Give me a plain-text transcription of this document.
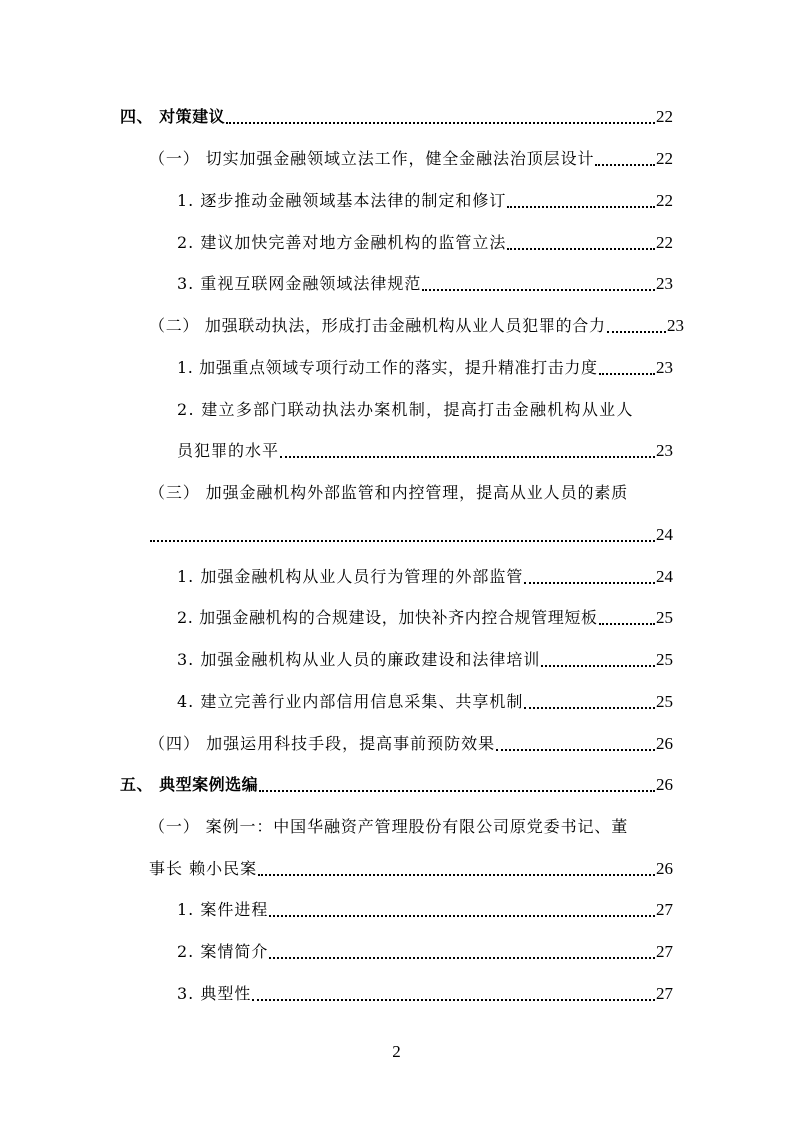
四、 对策建议	22
（一） 切实加强金融领域立法工作，健全金融法治顶层设计	22
1. 逐步推动金融领域基本法律的制定和修订	22
2. 建议加快完善对地方金融机构的监管立法	22
3. 重视互联网金融领域法律规范	23
（二） 加强联动执法，形成打击金融机构从业人员犯罪的合力	23
1. 加强重点领域专项行动工作的落实，提升精准打击力度	23
2. 建立多部门联动执法办案机制，提高打击金融机构从业人
员犯罪的水平	23
（三） 加强金融机构外部监管和内控管理，提高从业人员的素质
24
1. 加强金融机构从业人员行为管理的外部监管	24
2. 加强金融机构的合规建设，加快补齐内控合规管理短板	25
3. 加强金融机构从业人员的廉政建设和法律培训	25
4. 建立完善行业内部信用信息采集、共享机制	25
（四） 加强运用科技手段，提高事前预防效果	26
五、 典型案例选编	26
（一） 案例一：中国华融资产管理股份有限公司原党委书记、董
事长 赖小民案	26
1. 案件进程	27
2. 案情简介	27
3. 典型性	27
2
